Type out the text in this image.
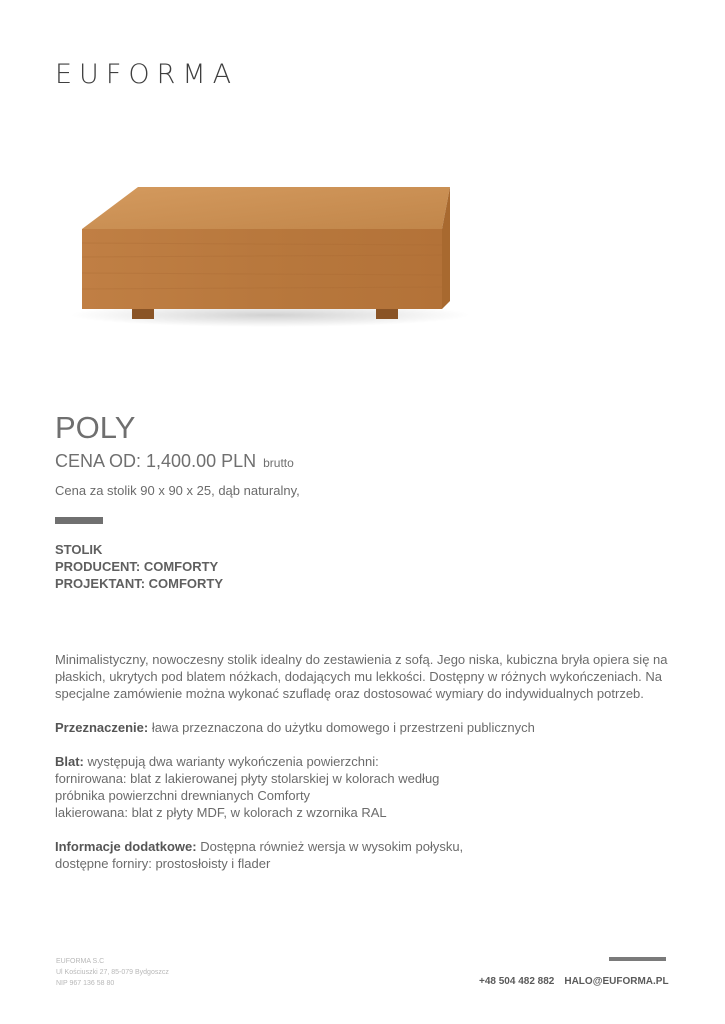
EUFORMA
POLY
CENA OD: 1,400.00 PLN brutto
Cena za stolik 90 x 90 x 25, dąb naturalny,
STOLIK
PRODUCENT: COMFORTY
PROJEKTANT: COMFORTY

Minimalistyczny, nowoczesny stolik idealny do zestawienia z sofą. Jego niska, kubiczna bryła opiera się na płaskich, ukrytych pod blatem nóżkach, dodających mu lekkości. Dostępny w różnych wykończeniach. Na specjalne zamówienie można wykonać szufladę oraz dostosować wymiary do indywidualnych potrzeb.

Przeznaczenie: ława przeznaczona do użytku domowego i przestrzeni publicznych

Blat: występują dwa warianty wykończenia powierzchni:
fornirowana: blat z lakierowanej płyty stolarskiej w kolorach według
próbnika powierzchni drewnianych Comforty
lakierowana: blat z płyty MDF, w kolorach z wzornika RAL

Informacje dodatkowe: Dostępna również wersja w wysokim połysku,
dostępne forniry: prostosłoisty i flader

EUFORMA S.C
Ul Kościuszki 27, 85-079 Bydgoszcz
NIP 967 136 58 80	+48 504 482 882 HALO@EUFORMA.PL
